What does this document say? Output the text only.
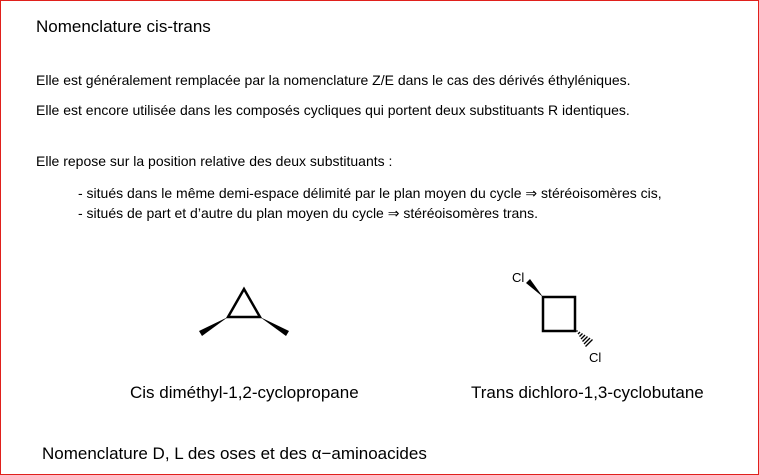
Nomenclature cis-trans
Elle est généralement remplacée par la nomenclature Z/E dans le cas des dérivés éthyléniques.
Elle est encore utilisée dans les composés cycliques qui portent deux substituants R identiques.
Elle repose sur la position relative des deux substituants :
- situés dans le même demi-espace délimité par le plan moyen du cycle ⇒ stéréoisomères cis,
- situés de part et d’autre du plan moyen du cycle ⇒ stéréoisomères trans.
Cl
Cl
Cis diméthyl-1,2-cyclopropane	Trans dichloro-1,3-cyclobutane
Nomenclature D, L des oses et des α−aminoacides
